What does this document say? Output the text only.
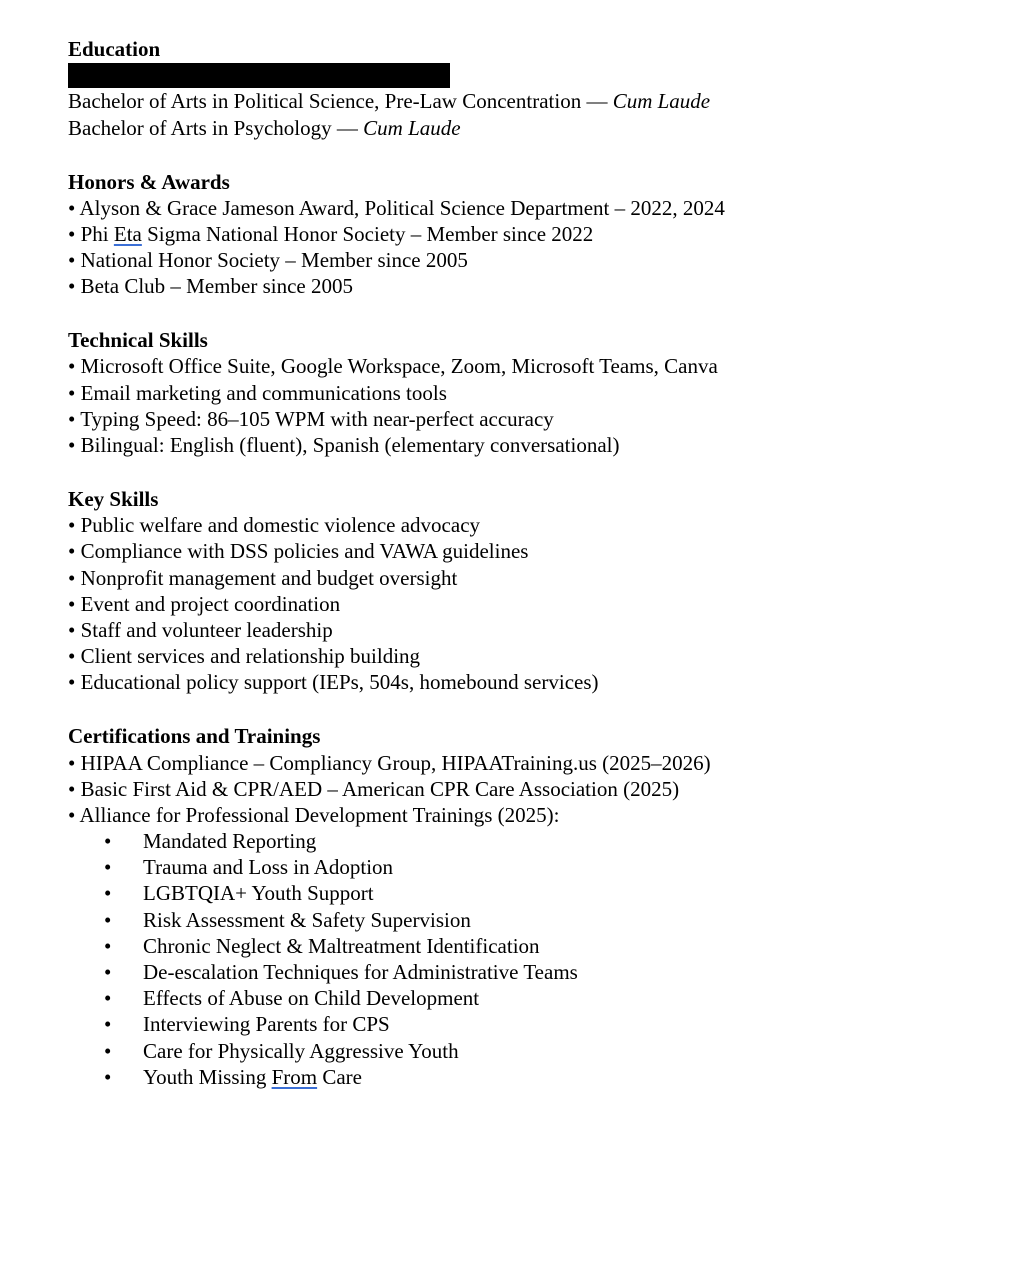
Education
Bachelor of Arts in Political Science, Pre-Law Concentration — Cum Laude
Bachelor of Arts in Psychology — Cum Laude
Honors & Awards
• Alyson & Grace Jameson Award, Political Science Department – 2022, 2024
• Phi Eta Sigma National Honor Society – Member since 2022
• National Honor Society – Member since 2005
• Beta Club – Member since 2005
Technical Skills
• Microsoft Office Suite, Google Workspace, Zoom, Microsoft Teams, Canva
• Email marketing and communications tools
• Typing Speed: 86–105 WPM with near-perfect accuracy
• Bilingual: English (fluent), Spanish (elementary conversational)
Key Skills
• Public welfare and domestic violence advocacy
• Compliance with DSS policies and VAWA guidelines
• Nonprofit management and budget oversight
• Event and project coordination
• Staff and volunteer leadership
• Client services and relationship building
• Educational policy support (IEPs, 504s, homebound services)
Certifications and Trainings
• HIPAA Compliance – Compliancy Group, HIPAATraining.us (2025–2026)
• Basic First Aid & CPR/AED – American CPR Care Association (2025)
• Alliance for Professional Development Trainings (2025):
• Mandated Reporting
• Trauma and Loss in Adoption
• LGBTQIA+ Youth Support
• Risk Assessment & Safety Supervision
• Chronic Neglect & Maltreatment Identification
• De-escalation Techniques for Administrative Teams
• Effects of Abuse on Child Development
• Interviewing Parents for CPS
• Care for Physically Aggressive Youth
• Youth Missing From Care
